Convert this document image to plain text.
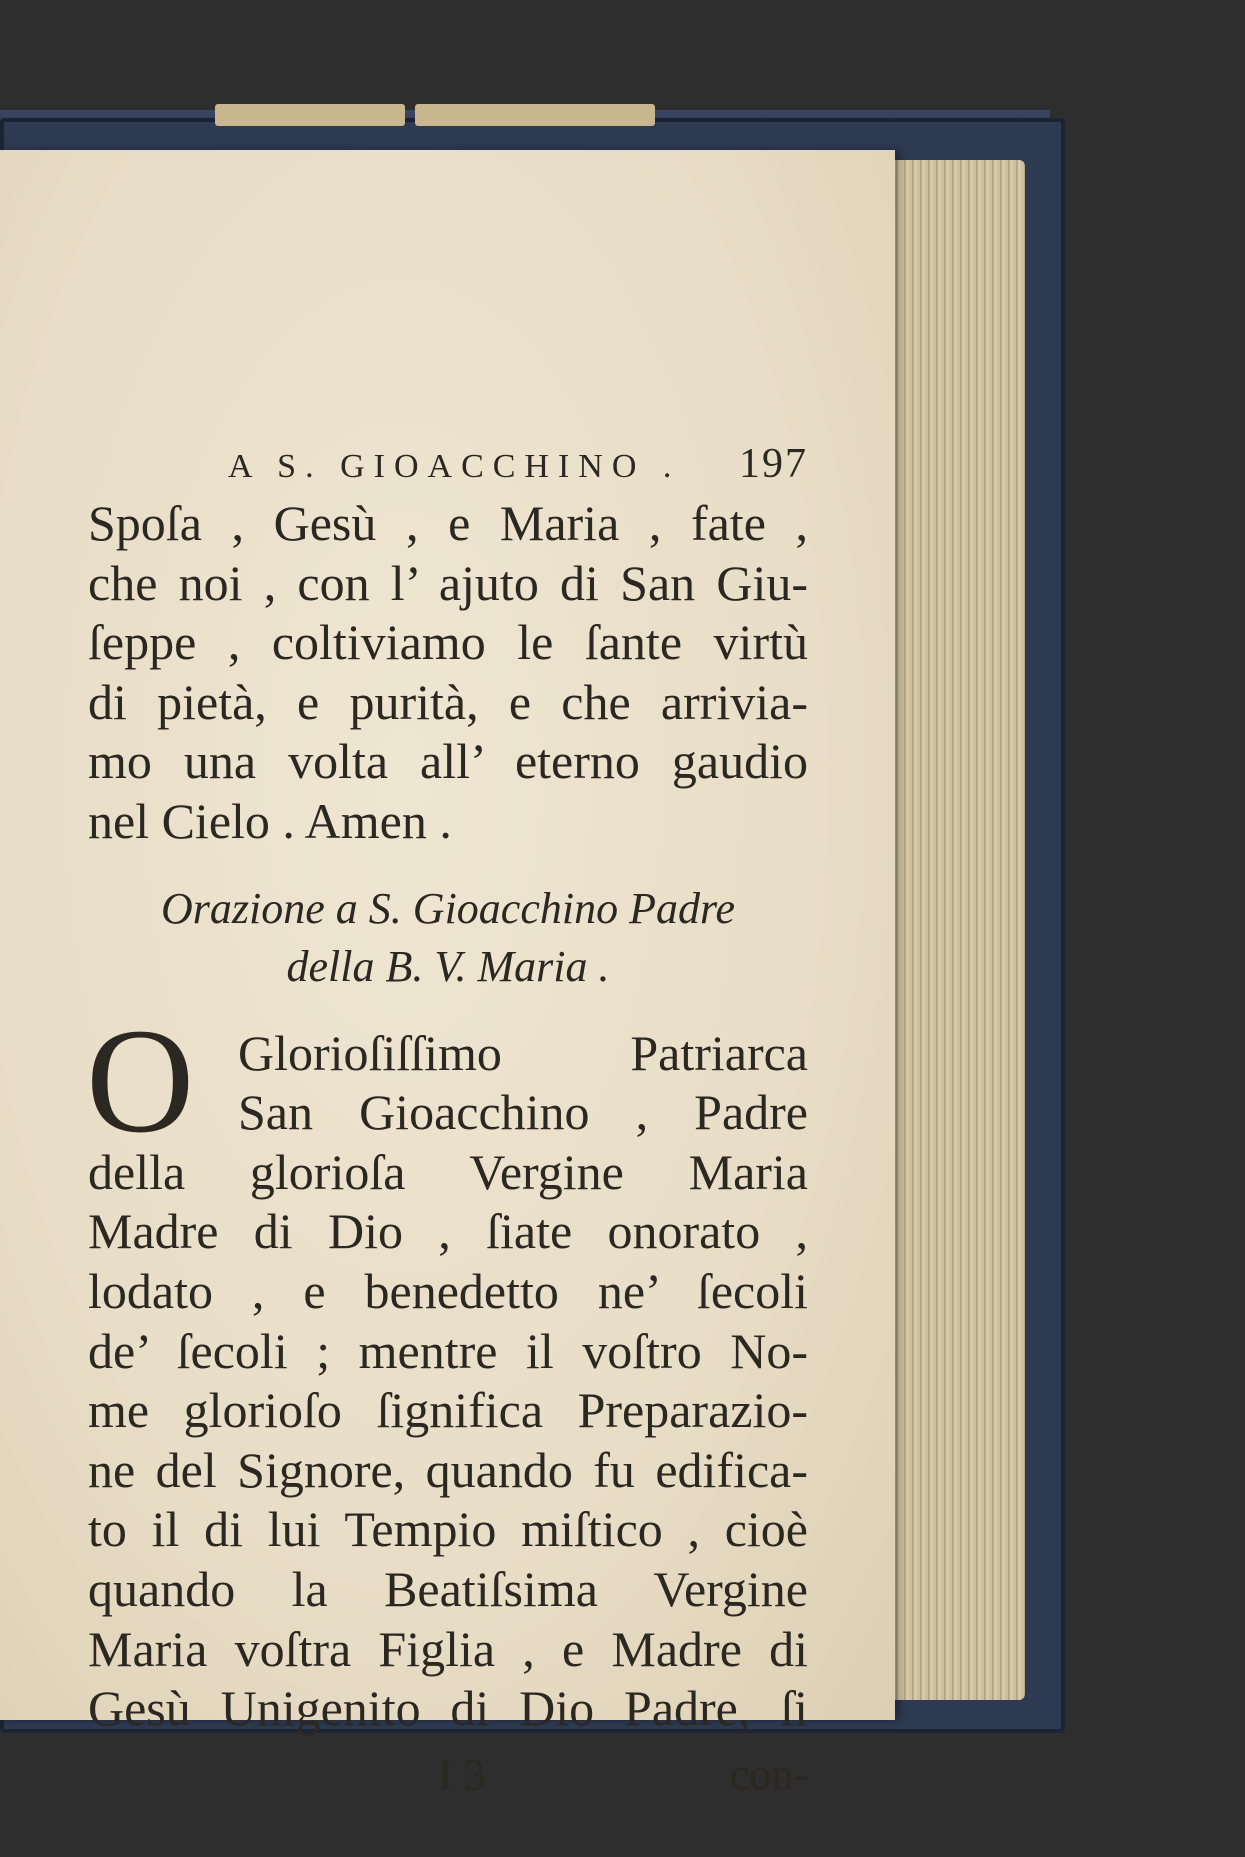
A S. GIOACCHINO . 197
Spoſa , Gesù , e Maria , fate ,
che noi , con l’ ajuto di San Giu-
ſeppe , coltiviamo le ſante virtù
di pietà, e purità, e che arrivia-
mo una volta all’ eterno gaudio
nel Cielo . Amen .
Orazione a S. Gioacchino Padre
della B. V. Maria .
O Glorioſiſſimo Patriarca
San Gioacchino , Padre
della glorioſa Vergine Maria
Madre di Dio , ſiate onorato ,
lodato , e benedetto ne’ ſecoli
de’ ſecoli ; mentre il voſtro No-
me glorioſo ſignifica Preparazio-
ne del Signore, quando fu edifica-
to il di lui Tempio miſtico , cioè
quando la Beatiſsima Vergine
Maria voſtra Figlia , e Madre di
Gesù Unigenito di Dio Padre, ſi
I 3	con-
